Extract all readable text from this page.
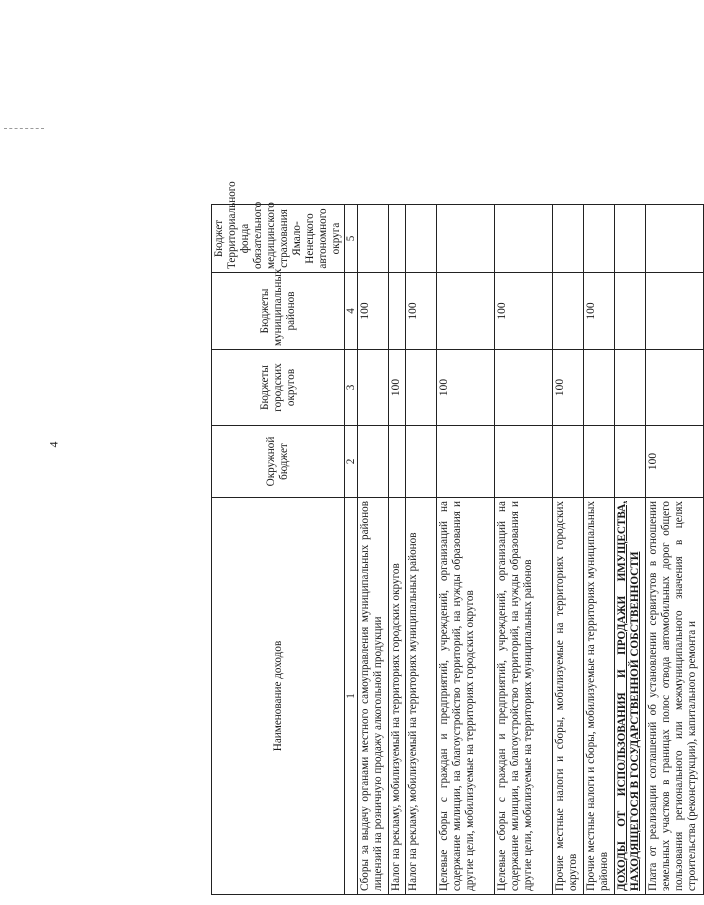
4
Наименование доходов	Окружной бюджет	Бюджеты городских округов	Бюджеты муниципальных районов	Бюджет Территориального фонда обязательного медицинского страхования Ямало-Ненецкого автономного округа
1	2	3	4	5
Сборы за выдачу органами местного самоуправления муниципальных районов лицензий на розничную продажу алкогольной продукции			100	
Налог на рекламу, мобилизуемый на территориях городских округов		100		
Налог на рекламу, мобилизуемый на территориях муниципальных районов			100	
Целевые сборы с граждан и предприятий, учреждений, организаций на содержание милиции, на благоустройство территорий, на нужды образования и другие цели, мобилизуемые на территориях городских округов		100		
Целевые сборы с граждан и предприятий, учреждений, организаций на содержание милиции, на благоустройство территорий, на нужды образования и другие цели, мобилизуемые на территориях муниципальных районов			100	
Прочие местные налоги и сборы, мобилизуемые на территориях городских округов		100		
Прочие местные налоги и сборы, мобилизуемые на территориях муниципальных районов			100	
ДОХОДЫ ОТ ИСПОЛЬЗОВАНИЯ И ПРОДАЖИ ИМУЩЕСТВА, НАХОДЯЩЕГОСЯ В ГОСУДАРСТВЕННОЙ СОБСТВЕННОСТИ				
Плата от реализации соглашений об установлении сервитутов в отношении земельных участков в границах полос отвода автомобильных дорог общего пользования регионального или межмуниципального значения в целях строительства (реконструкции), капитального ремонта и	100			
